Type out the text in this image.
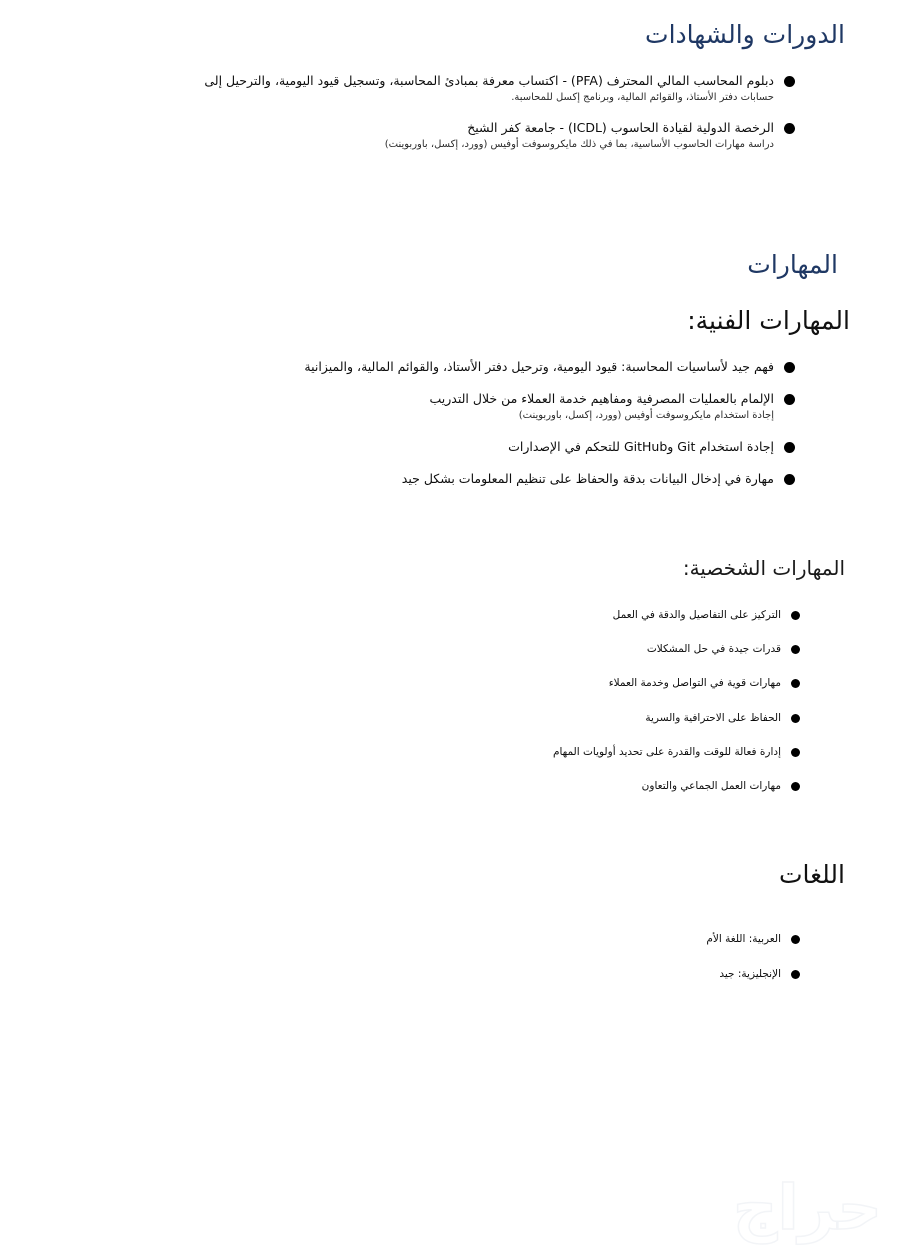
الدورات والشهادات
دبلوم المحاسب المالي المحترف (PFA) - اكتساب معرفة بمبادئ المحاسبة، وتسجيل قيود اليومية، والترحيل إلى
حسابات دفتر الأستاذ، والقوائم المالية، وبرنامج إكسل للمحاسبة.
الرخصة الدولية لقيادة الحاسوب (ICDL) - جامعة كفر الشيخ
دراسة مهارات الحاسوب الأساسية، بما في ذلك مايكروسوفت أوفيس (وورد، إكسل، باوربوينت)
المهارات
المهارات الفنية:
فهم جيد لأساسيات المحاسبة: قيود اليومية، وترحيل دفتر الأستاذ، والقوائم المالية، والميزانية
الإلمام بالعمليات المصرفية ومفاهيم خدمة العملاء من خلال التدريب
إجادة استخدام مايكروسوفت أوفيس (وورد، إكسل، باوربوينت)
إجادة استخدام Git وGitHub للتحكم في الإصدارات
مهارة في إدخال البيانات بدقة والحفاظ على تنظيم المعلومات بشكل جيد
المهارات الشخصية:
التركيز على التفاصيل والدقة في العمل
قدرات جيدة في حل المشكلات
مهارات قوية في التواصل وخدمة العملاء
الحفاظ على الاحترافية والسرية
إدارة فعالة للوقت والقدرة على تحديد أولويات المهام
مهارات العمل الجماعي والتعاون
اللغات
العربية: اللغة الأم
الإنجليزية: جيد
حراج
